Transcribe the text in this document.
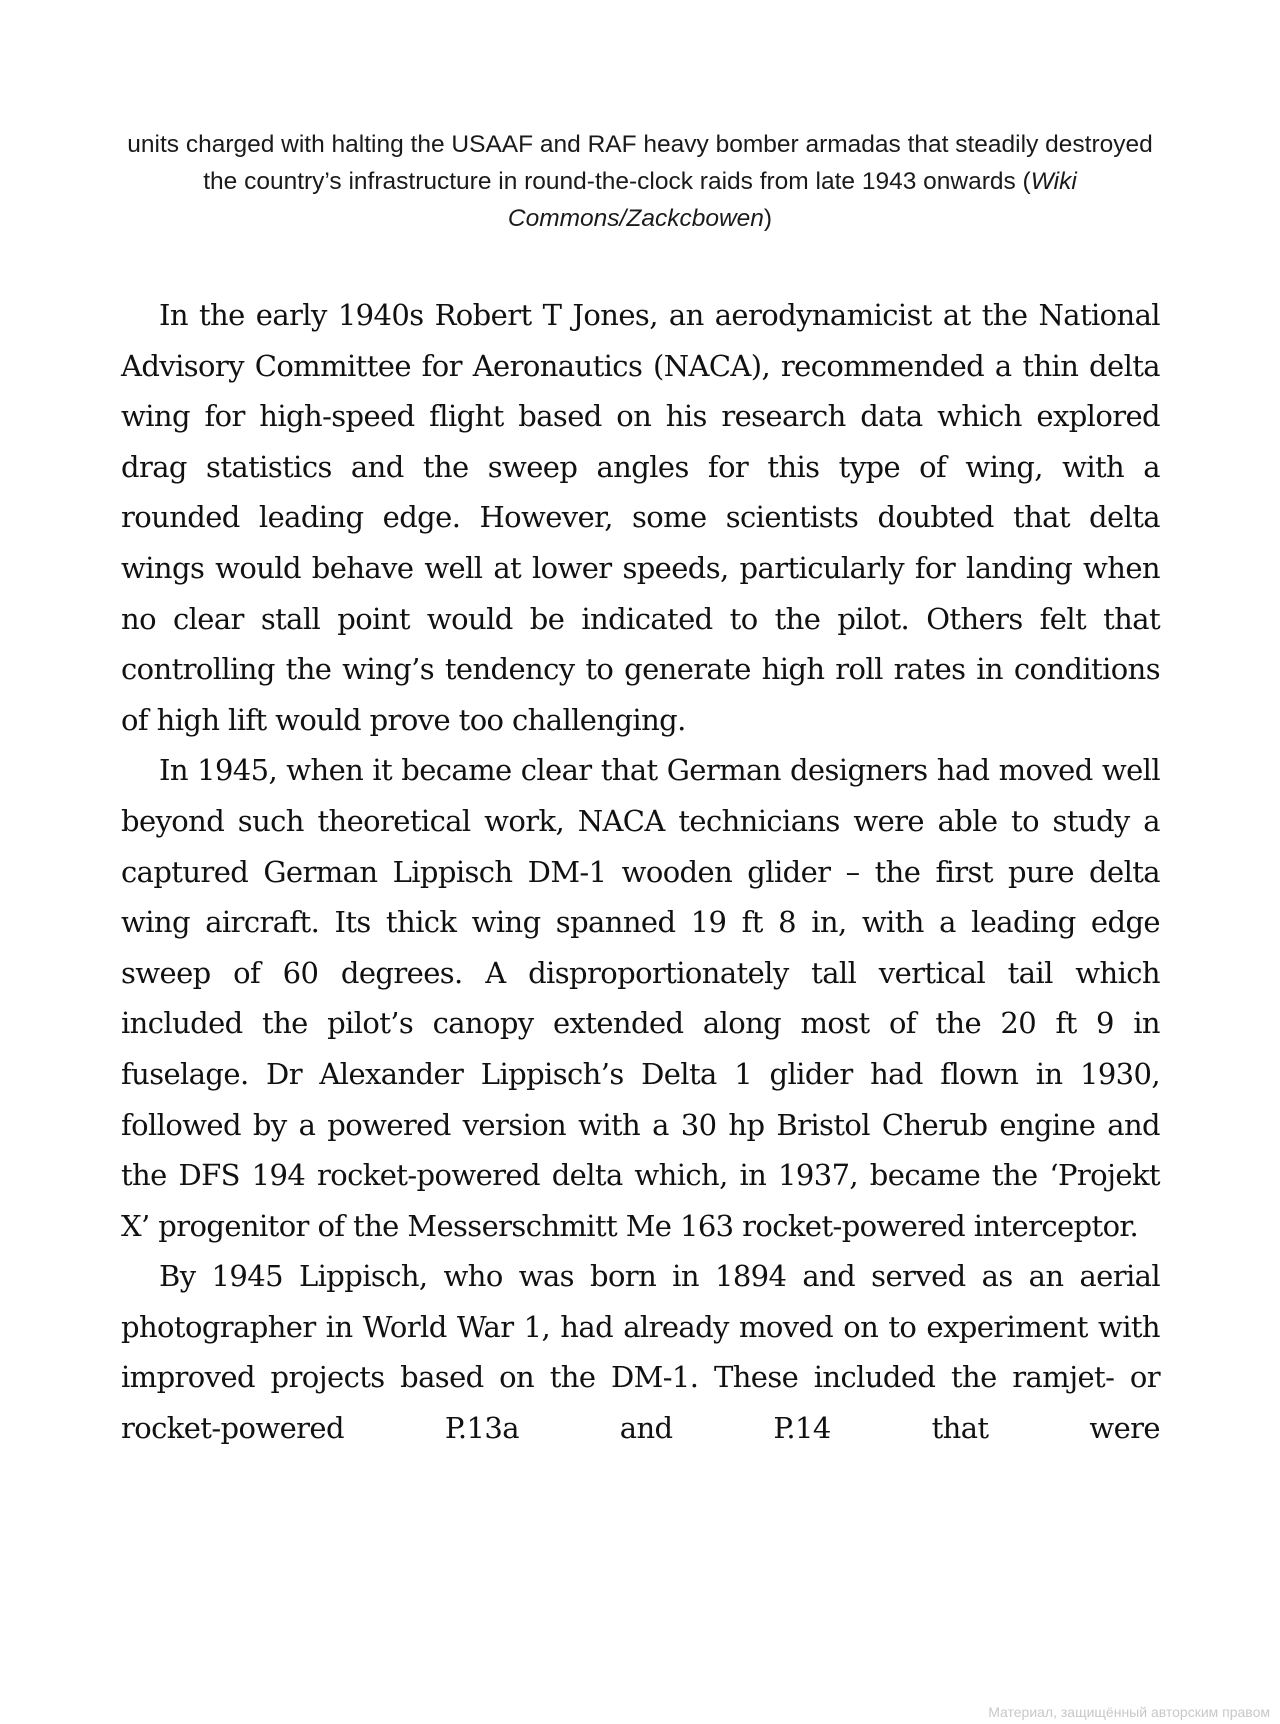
units charged with halting the USAAF and RAF heavy bomber armadas that steadily destroyed the country’s infrastructure in round-the-clock raids from late 1943 onwards (Wiki Commons/Zackcbowen)

In the early 1940s Robert T Jones, an aerodynamicist at the National Advisory Committee for Aeronautics (NACA), recommended a thin delta wing for high-speed flight based on his research data which explored drag statistics and the sweep angles for this type of wing, with a rounded leading edge. However, some scientists doubted that delta wings would behave well at lower speeds, particularly for landing when no clear stall point would be indicated to the pilot. Others felt that controlling the wing’s tendency to generate high roll rates in conditions of high lift would prove too challenging.

In 1945, when it became clear that German designers had moved well beyond such theoretical work, NACA technicians were able to study a captured German Lippisch DM-1 wooden glider – the first pure delta wing aircraft. Its thick wing spanned 19 ft 8 in, with a leading edge sweep of 60 degrees. A disproportionately tall vertical tail which included the pilot’s canopy extended along most of the 20 ft 9 in fuselage. Dr Alexander Lippisch’s Delta 1 glider had flown in 1930, followed by a powered version with a 30 hp Bristol Cherub engine and the DFS 194 rocket-powered delta which, in 1937, became the ‘Projekt X’ progenitor of the Messerschmitt Me 163 rocket-powered interceptor.

By 1945 Lippisch, who was born in 1894 and served as an aerial photographer in World War 1, had already moved on to experiment with improved projects based on the DM-1. These included the ramjet- or rocket-powered P.13a and P.14 that were

Материал, защищённый авторским правом
